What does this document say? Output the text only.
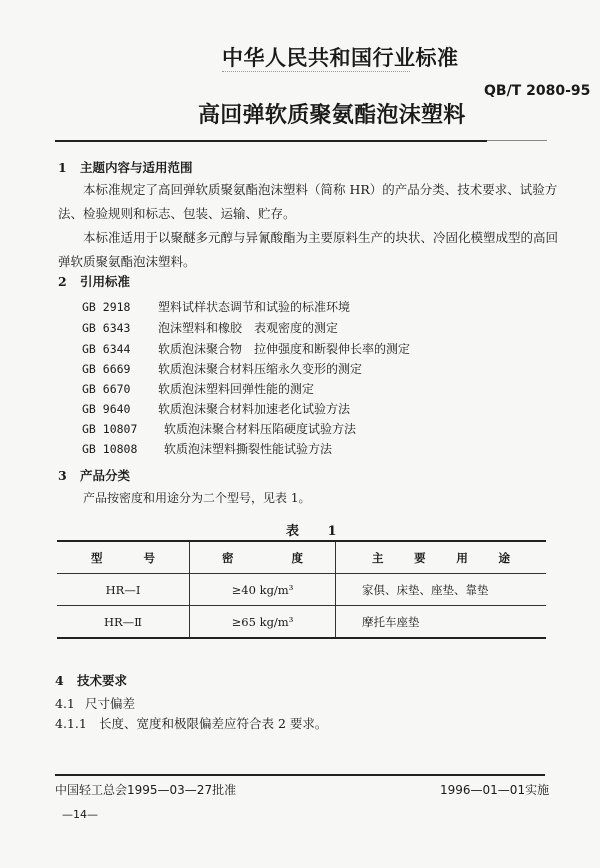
中华人民共和国行业标准
QB/T 2080-95
高回弹软质聚氨酯泡沫塑料
1 主题内容与适用范围
本标准规定了高回弹软质聚氨酯泡沫塑料（简称 HR）的产品分类、技术要求、试验方法、检验规则和标志、包装、运输、贮存。
本标准适用于以聚醚多元醇与异氰酸酯为主要原料生产的块状、冷固化模塑成型的高回弹软质聚氨酯泡沫塑料。
2 引用标准
GB 2918 塑料试样状态调节和试验的标准环境
GB 6343 泡沫塑料和橡胶　表观密度的测定
GB 6344 软质泡沫聚合物　拉伸强度和断裂伸长率的测定
GB 6669 软质泡沫聚合材料压缩永久变形的测定
GB 6670 软质泡沫塑料回弹性能的测定
GB 9640 软质泡沫聚合材料加速老化试验方法
GB 10807 软质泡沫聚合材料压陷硬度试验方法
GB 10808 软质泡沫塑料撕裂性能试验方法
3 产品分类
产品按密度和用途分为二个型号，见表 1。
表 1
型 号	密 度	主 要 用 途

HR—Ⅰ	≥40 kg/m³	家俱、床垫、座垫、靠垫
HR—Ⅱ	≥65 kg/m³	摩托车座垫
4 技术要求
4.1 尺寸偏差
4.1.1 长度、宽度和极限偏差应符合表 2 要求。
中国轻工总会1995—03—27批准	1996—01—01实施
—14—
